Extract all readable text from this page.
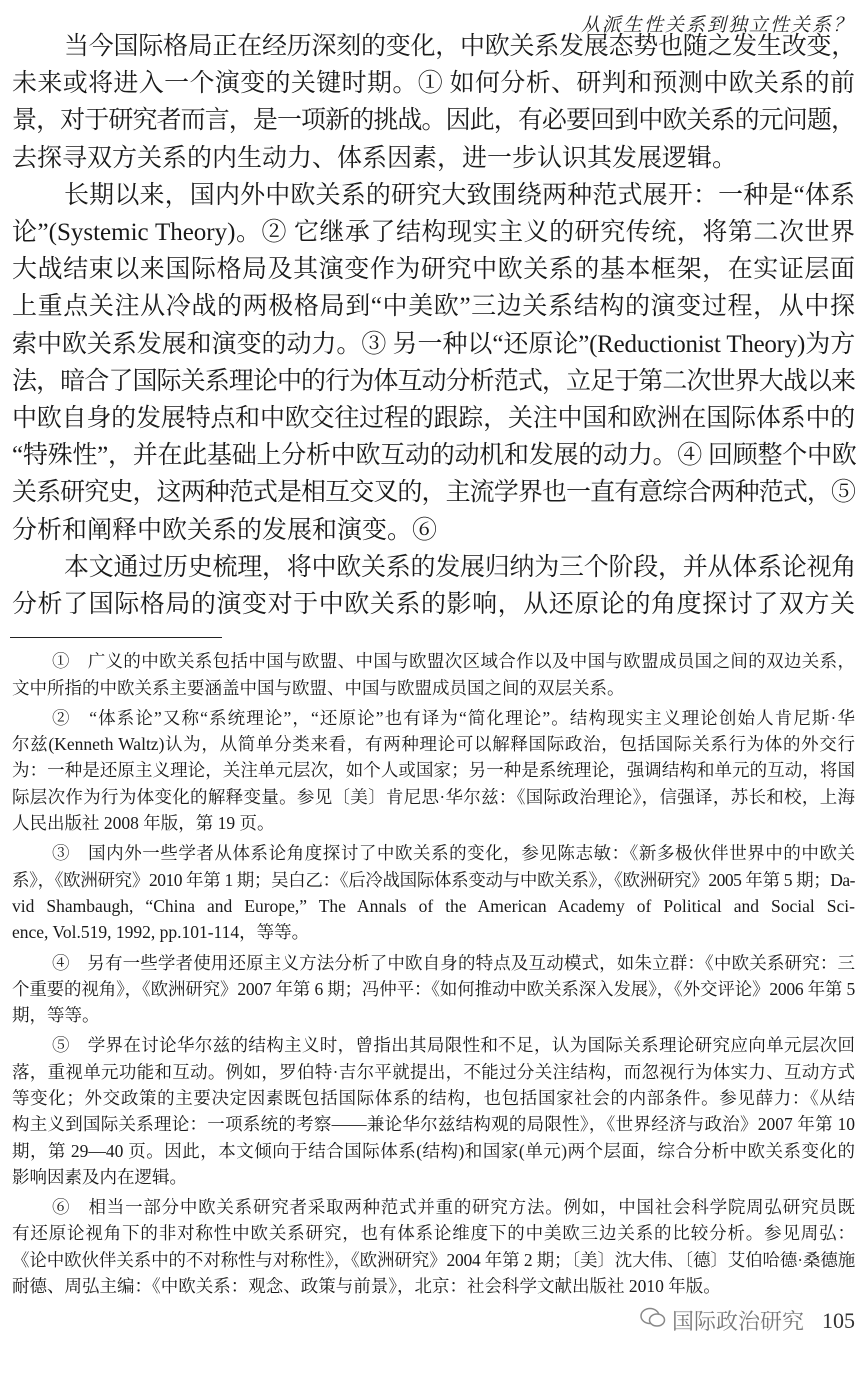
从派生性关系到独立性关系？
当今国际格局正在经历深刻的变化，中欧关系发展态势也随之发生改变，
未来或将进入一个演变的关键时期。① 如何分析、研判和预测中欧关系的前
景，对于研究者而言，是一项新的挑战。因此，有必要回到中欧关系的元问题，
去探寻双方关系的内生动力、体系因素，进一步认识其发展逻辑。
长期以来，国内外中欧关系的研究大致围绕两种范式展开：一种是“体系
论”(Systemic Theory)。② 它继承了结构现实主义的研究传统，将第二次世界
大战结束以来国际格局及其演变作为研究中欧关系的基本框架，在实证层面
上重点关注从冷战的两极格局到“中美欧”三边关系结构的演变过程，从中探
索中欧关系发展和演变的动力。③ 另一种以“还原论”(Reductionist Theory)为方
法，暗合了国际关系理论中的行为体互动分析范式，立足于第二次世界大战以来
中欧自身的发展特点和中欧交往过程的跟踪，关注中国和欧洲在国际体系中的
“特殊性”，并在此基础上分析中欧互动的动机和发展的动力。④ 回顾整个中欧
关系研究史，这两种范式是相互交叉的，主流学界也一直有意综合两种范式，⑤
分析和阐释中欧关系的发展和演变。⑥
本文通过历史梳理，将中欧关系的发展归纳为三个阶段，并从体系论视角
分析了国际格局的演变对于中欧关系的影响，从还原论的角度探讨了双方关
①　广义的中欧关系包括中国与欧盟、中国与欧盟次区域合作以及中国与欧盟成员国之间的双边关系，
文中所指的中欧关系主要涵盖中国与欧盟、中国与欧盟成员国之间的双层关系。
②　“体系论”又称“系统理论”，“还原论”也有译为“简化理论”。结构现实主义理论创始人肯尼斯·华
尔兹(Kenneth Waltz)认为，从简单分类来看，有两种理论可以解释国际政治，包括国际关系行为体的外交行
为：一种是还原主义理论，关注单元层次，如个人或国家；另一种是系统理论，强调结构和单元的互动，将国
际层次作为行为体变化的解释变量。参见〔美〕肯尼思·华尔兹：《国际政治理论》，信强译，苏长和校，上海
人民出版社 2008 年版，第 19 页。
③　国内外一些学者从体系论角度探讨了中欧关系的变化，参见陈志敏：《新多极伙伴世界中的中欧关
系》，《欧洲研究》2010 年第 1 期；吴白乙：《后冷战国际体系变动与中欧关系》，《欧洲研究》2005 年第 5 期；Da-
vid Shambaugh, “China and Europe,” The Annals of the American Academy of Political and Social Sci-
ence, Vol.519, 1992, pp.101-114，等等。
④　另有一些学者使用还原主义方法分析了中欧自身的特点及互动模式，如朱立群：《中欧关系研究：三
个重要的视角》，《欧洲研究》2007 年第 6 期；冯仲平：《如何推动中欧关系深入发展》，《外交评论》2006 年第 5
期，等等。
⑤　学界在讨论华尔兹的结构主义时，曾指出其局限性和不足，认为国际关系理论研究应向单元层次回
落，重视单元功能和互动。例如，罗伯特·吉尔平就提出，不能过分关注结构，而忽视行为体实力、互动方式
等变化；外交政策的主要决定因素既包括国际体系的结构，也包括国家社会的内部条件。参见薛力：《从结
构主义到国际关系理论：一项系统的考察——兼论华尔兹结构观的局限性》，《世界经济与政治》2007 年第 10
期，第 29—40 页。因此，本文倾向于结合国际体系(结构)和国家(单元)两个层面，综合分析中欧关系变化的
影响因素及内在逻辑。
⑥　相当一部分中欧关系研究者采取两种范式并重的研究方法。例如，中国社会科学院周弘研究员既
有还原论视角下的非对称性中欧关系研究，也有体系论维度下的中美欧三边关系的比较分析。参见周弘：
《论中欧伙伴关系中的不对称性与对称性》，《欧洲研究》2004 年第 2 期；〔美〕沈大伟、〔德〕艾伯哈德·桑德施
耐德、周弘主编：《中欧关系：观念、政策与前景》，北京：社会科学文献出版社 2010 年版。
国际政治研究 105
